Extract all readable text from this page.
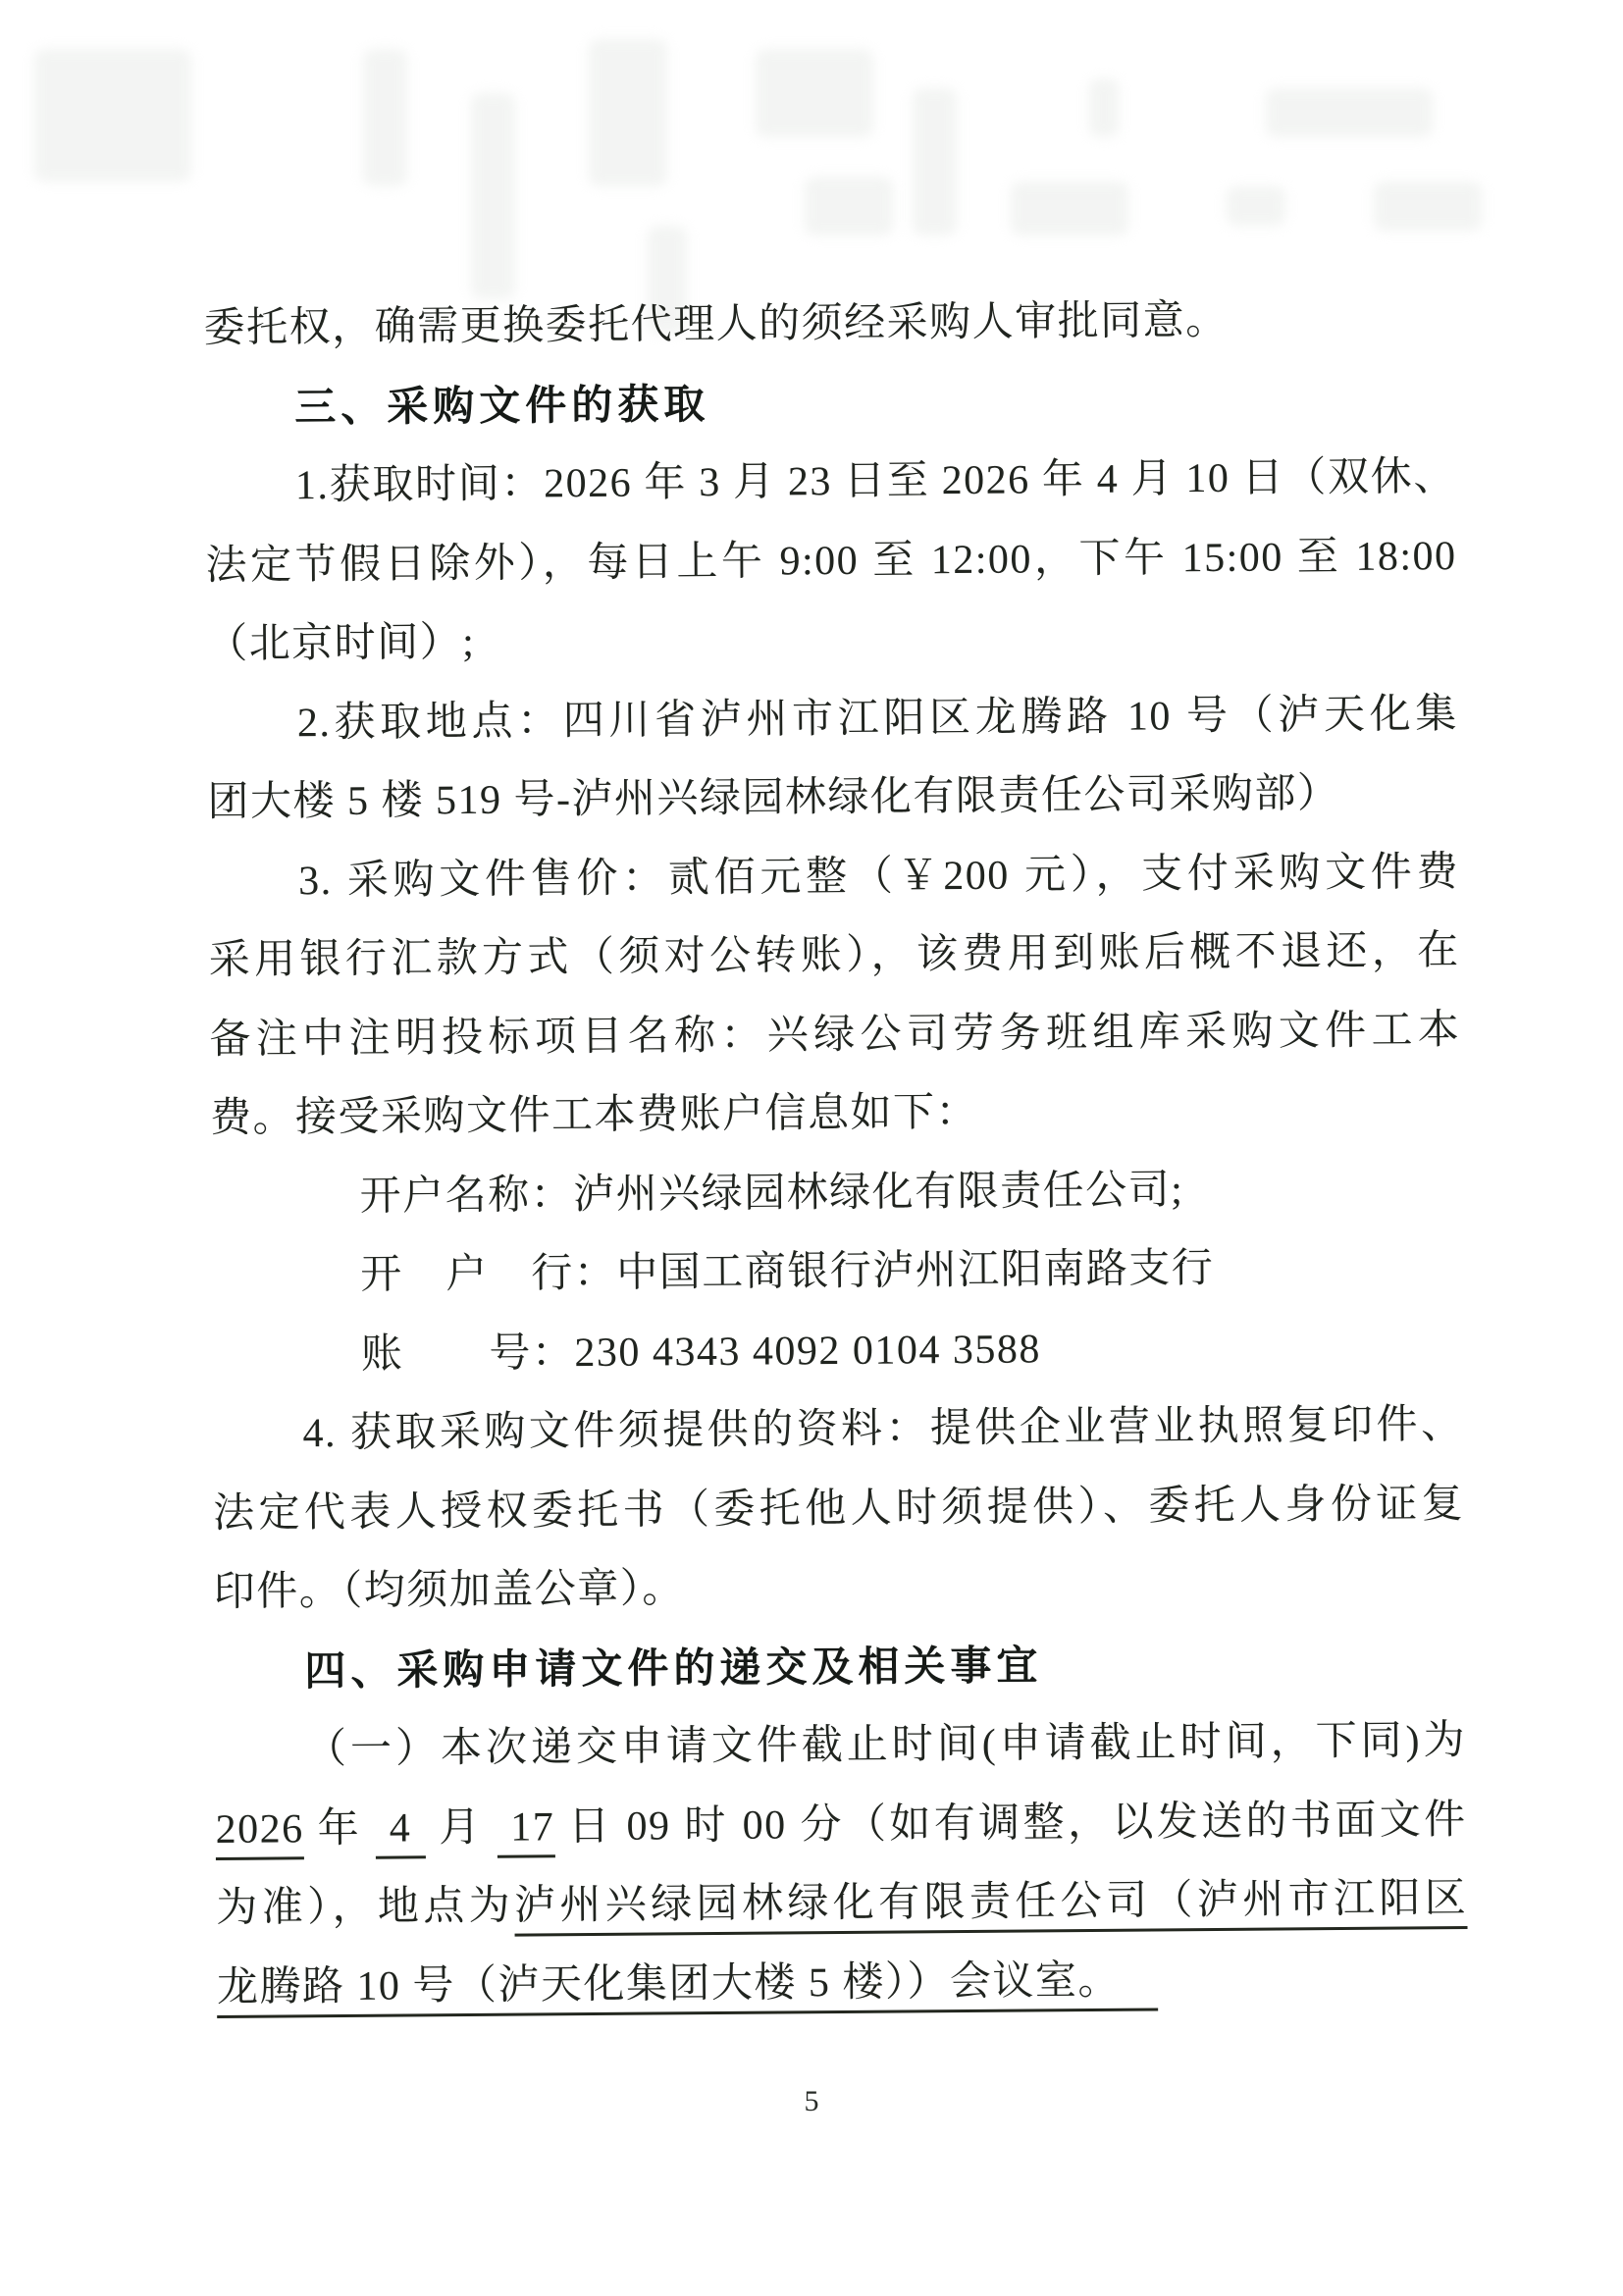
委托权，确需更换委托代理人的须经采购人审批同意。
三、采购文件的获取
1.获取时间：2026 年 3 月 23 日至 2026 年 4 月 10 日（双休、
法定节假日除外），每日上午 9:00 至 12:00，下午 15:00 至 18:00
（北京时间）;
2.获取地点：四川省泸州市江阳区龙腾路 10 号（泸天化集
团大楼 5 楼 519 号-泸州兴绿园林绿化有限责任公司采购部）
3. 采购文件售价：贰佰元整（￥200 元），支付采购文件费
采用银行汇款方式（须对公转账），该费用到账后概不退还，在
备注中注明投标项目名称：兴绿公司劳务班组库采购文件工本
费。接受采购文件工本费账户信息如下：
开户名称：泸州兴绿园林绿化有限责任公司;
开　户　行：中国工商银行泸州江阳南路支行
账　　号：230 4343 4092 0104 3588
4. 获取采购文件须提供的资料：提供企业营业执照复印件、
法定代表人授权委托书（委托他人时须提供）、委托人身份证复
印件。（均须加盖公章）。
四、采购申请文件的递交及相关事宜
（一）本次递交申请文件截止时间(申请截止时间，下同)为
2026 年  4  月  17 日 09 时 00 分（如有调整，以发送的书面文件
为准），地点为泸州兴绿园林绿化有限责任公司（泸州市江阳区
龙腾路 10 号（泸天化集团大楼 5 楼））会议室。
5
